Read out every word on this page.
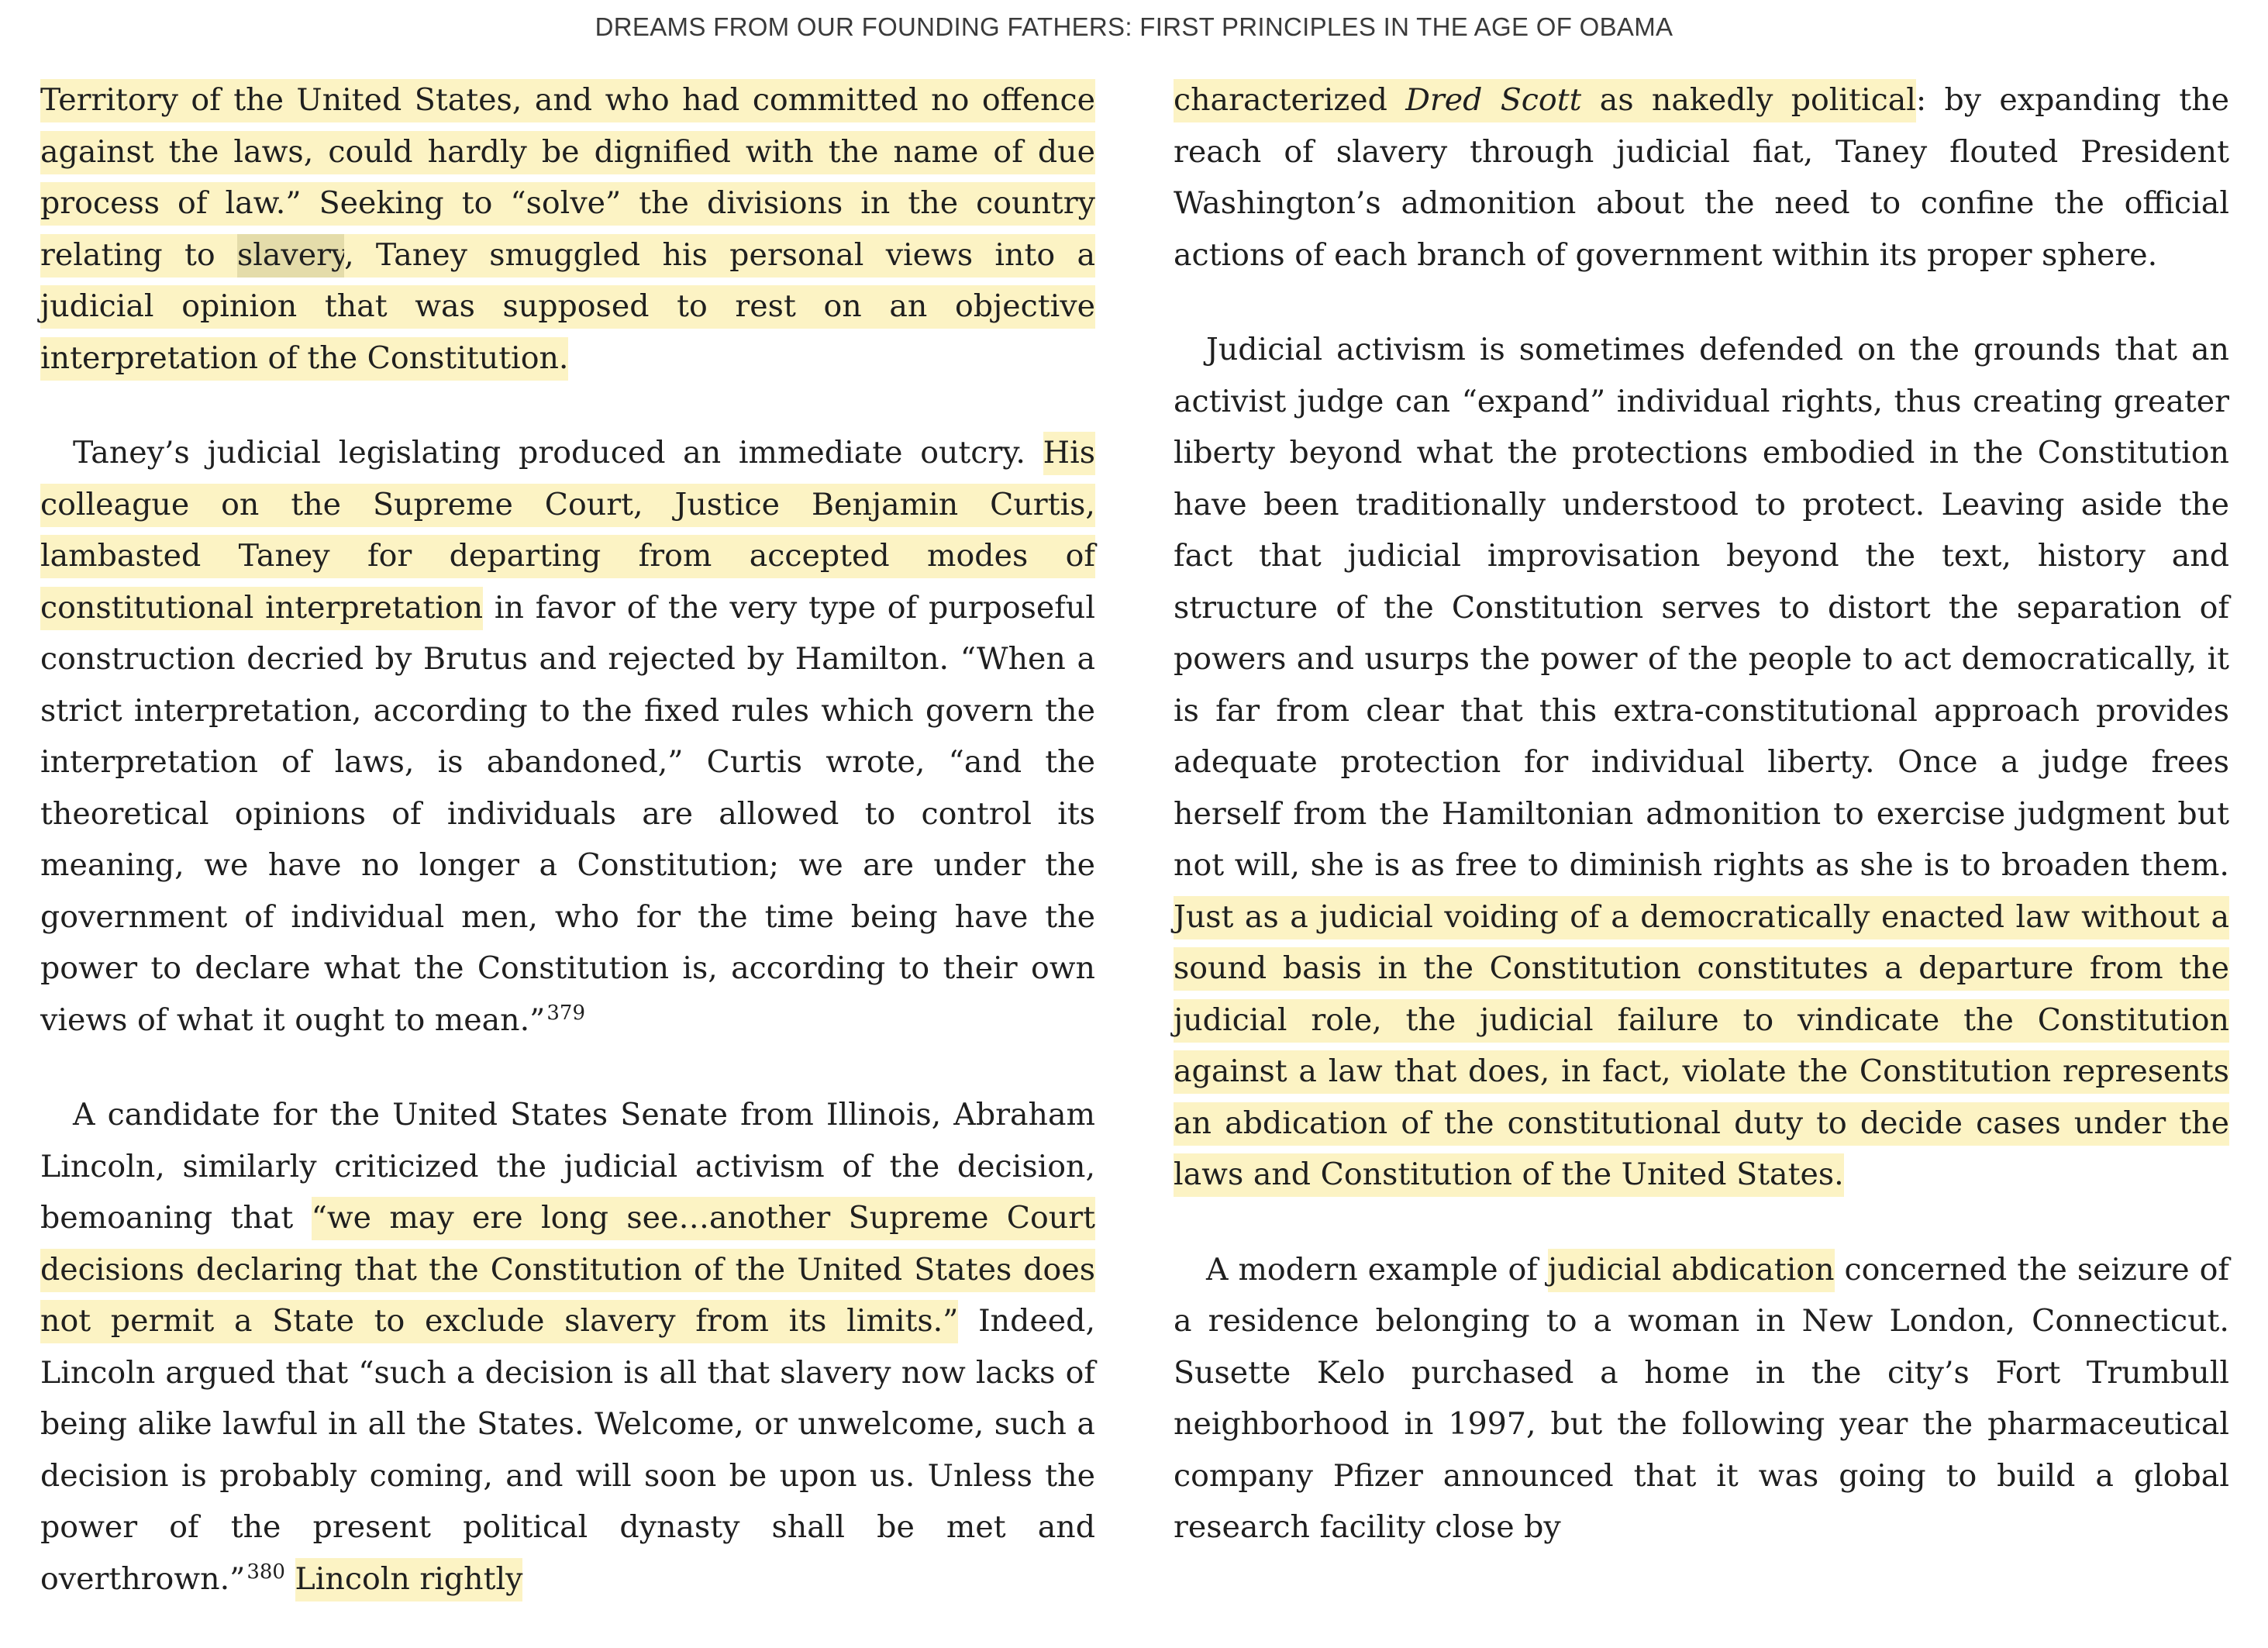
DREAMS FROM OUR FOUNDING FATHERS: FIRST PRINCIPLES IN THE AGE OF OBAMA

Territory of the United States, and who had committed no offence against the laws, could hardly be dignified with the name of due process of law.” Seeking to “solve” the divisions in the country relating to slavery, Taney smuggled his personal views into a judicial opinion that was supposed to rest on an objective interpretation of the Constitution.

Taney’s judicial legislating produced an immediate outcry. His colleague on the Supreme Court, Justice Benjamin Curtis, lambasted Taney for departing from accepted modes of constitutional interpretation in favor of the very type of purposeful construction decried by Brutus and rejected by Hamilton. “When a strict interpretation, according to the fixed rules which govern the interpretation of laws, is abandoned,” Curtis wrote, “and the theoretical opinions of individuals are allowed to control its meaning, we have no longer a Constitution; we are under the government of individual men, who for the time being have the power to declare what the Constitution is, according to their own views of what it ought to mean.”$^{379}$

A candidate for the United States Senate from Illinois, Abraham Lincoln, similarly criticized the judicial activism of the decision, bemoaning that “we may ere long see…another Supreme Court decisions declaring that the Constitution of the United States does not permit a State to exclude slavery from its limits.” Indeed, Lincoln argued that “such a decision is all that slavery now lacks of being alike lawful in all the States. Welcome, or unwelcome, such a decision is probably coming, and will soon be upon us. Unless the power of the present political dynasty shall be met and overthrown.”$^{380}$ Lincoln rightly

characterized Dred Scott as nakedly political: by expanding the reach of slavery through judicial fiat, Taney flouted President Washington’s admonition about the need to confine the official actions of each branch of government within its proper sphere.

Judicial activism is sometimes defended on the grounds that an activist judge can “expand” individual rights, thus creating greater liberty beyond what the protections embodied in the Constitution have been traditionally understood to protect. Leaving aside the fact that judicial improvisation beyond the text, history and structure of the Constitution serves to distort the separation of powers and usurps the power of the people to act democratically, it is far from clear that this extra-constitutional approach provides adequate protection for individual liberty. Once a judge frees herself from the Hamiltonian admonition to exercise judgment but not will, she is as free to diminish rights as she is to broaden them. Just as a judicial voiding of a democratically enacted law without a sound basis in the Constitution constitutes a departure from the judicial role, the judicial failure to vindicate the Constitution against a law that does, in fact, violate the Constitution represents an abdication of the constitutional duty to decide cases under the laws and Constitution of the United States.

A modern example of judicial abdication concerned the seizure of a residence belonging to a woman in New London, Connecticut. Susette Kelo purchased a home in the city’s Fort Trumbull neighborhood in 1997, but the following year the pharmaceutical company Pfizer announced that it was going to build a global research facility close by
